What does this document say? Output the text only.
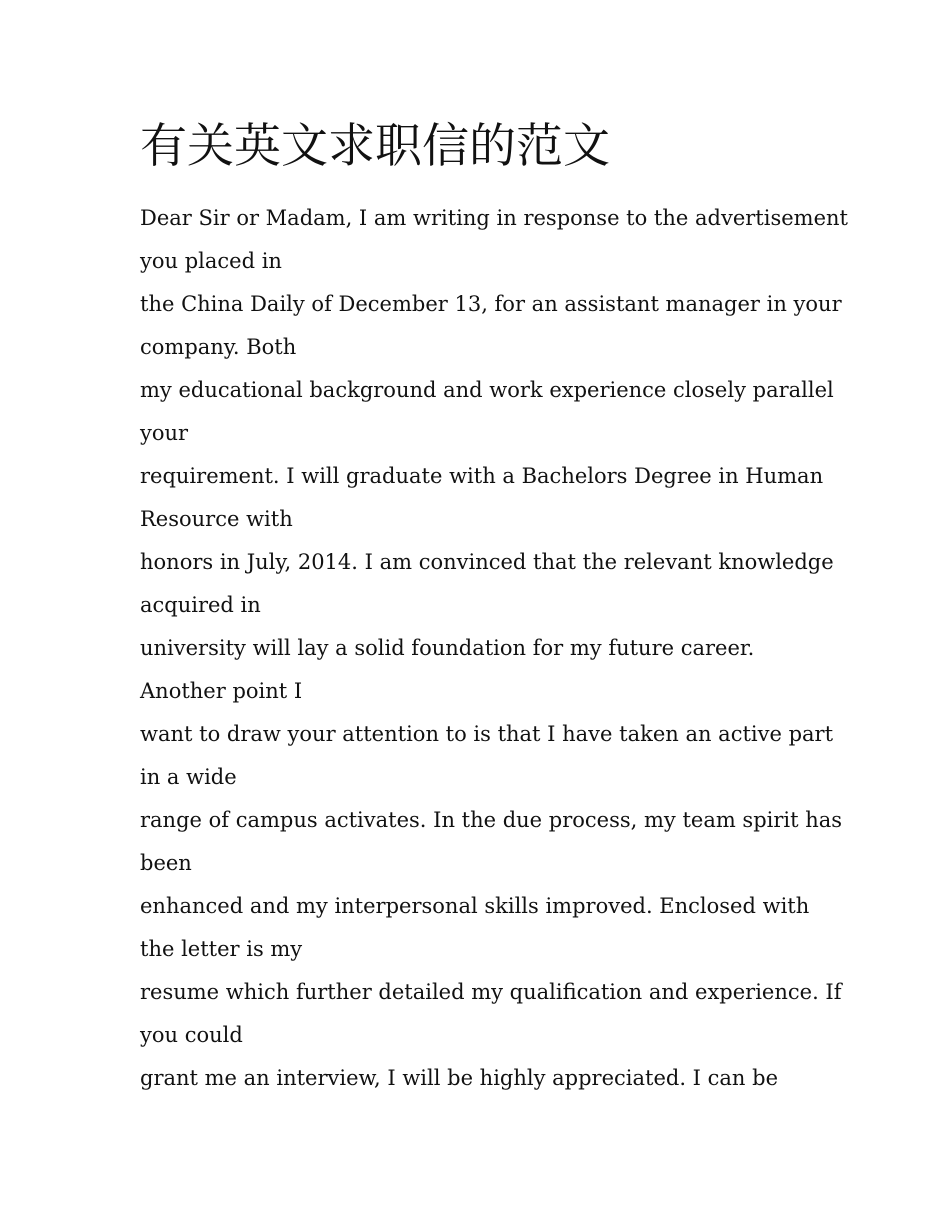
有关英文求职信的范文
Dear Sir or Madam, I am writing in response to the advertisement
you placed in
the China Daily of December 13, for an assistant manager in your
company. Both
my educational background and work experience closely parallel
your
requirement. I will graduate with a Bachelors Degree in Human
Resource with
honors in July, 2014. I am convinced that the relevant knowledge
acquired in
university will lay a solid foundation for my future career.
Another point I
want to draw your attention to is that I have taken an active part
in a wide
range of campus activates. In the due process, my team spirit has
been
enhanced and my interpersonal skills improved. Enclosed with
the letter is my
resume which further detailed my qualification and experience. If
you could
grant me an interview, I will be highly appreciated. I can be
